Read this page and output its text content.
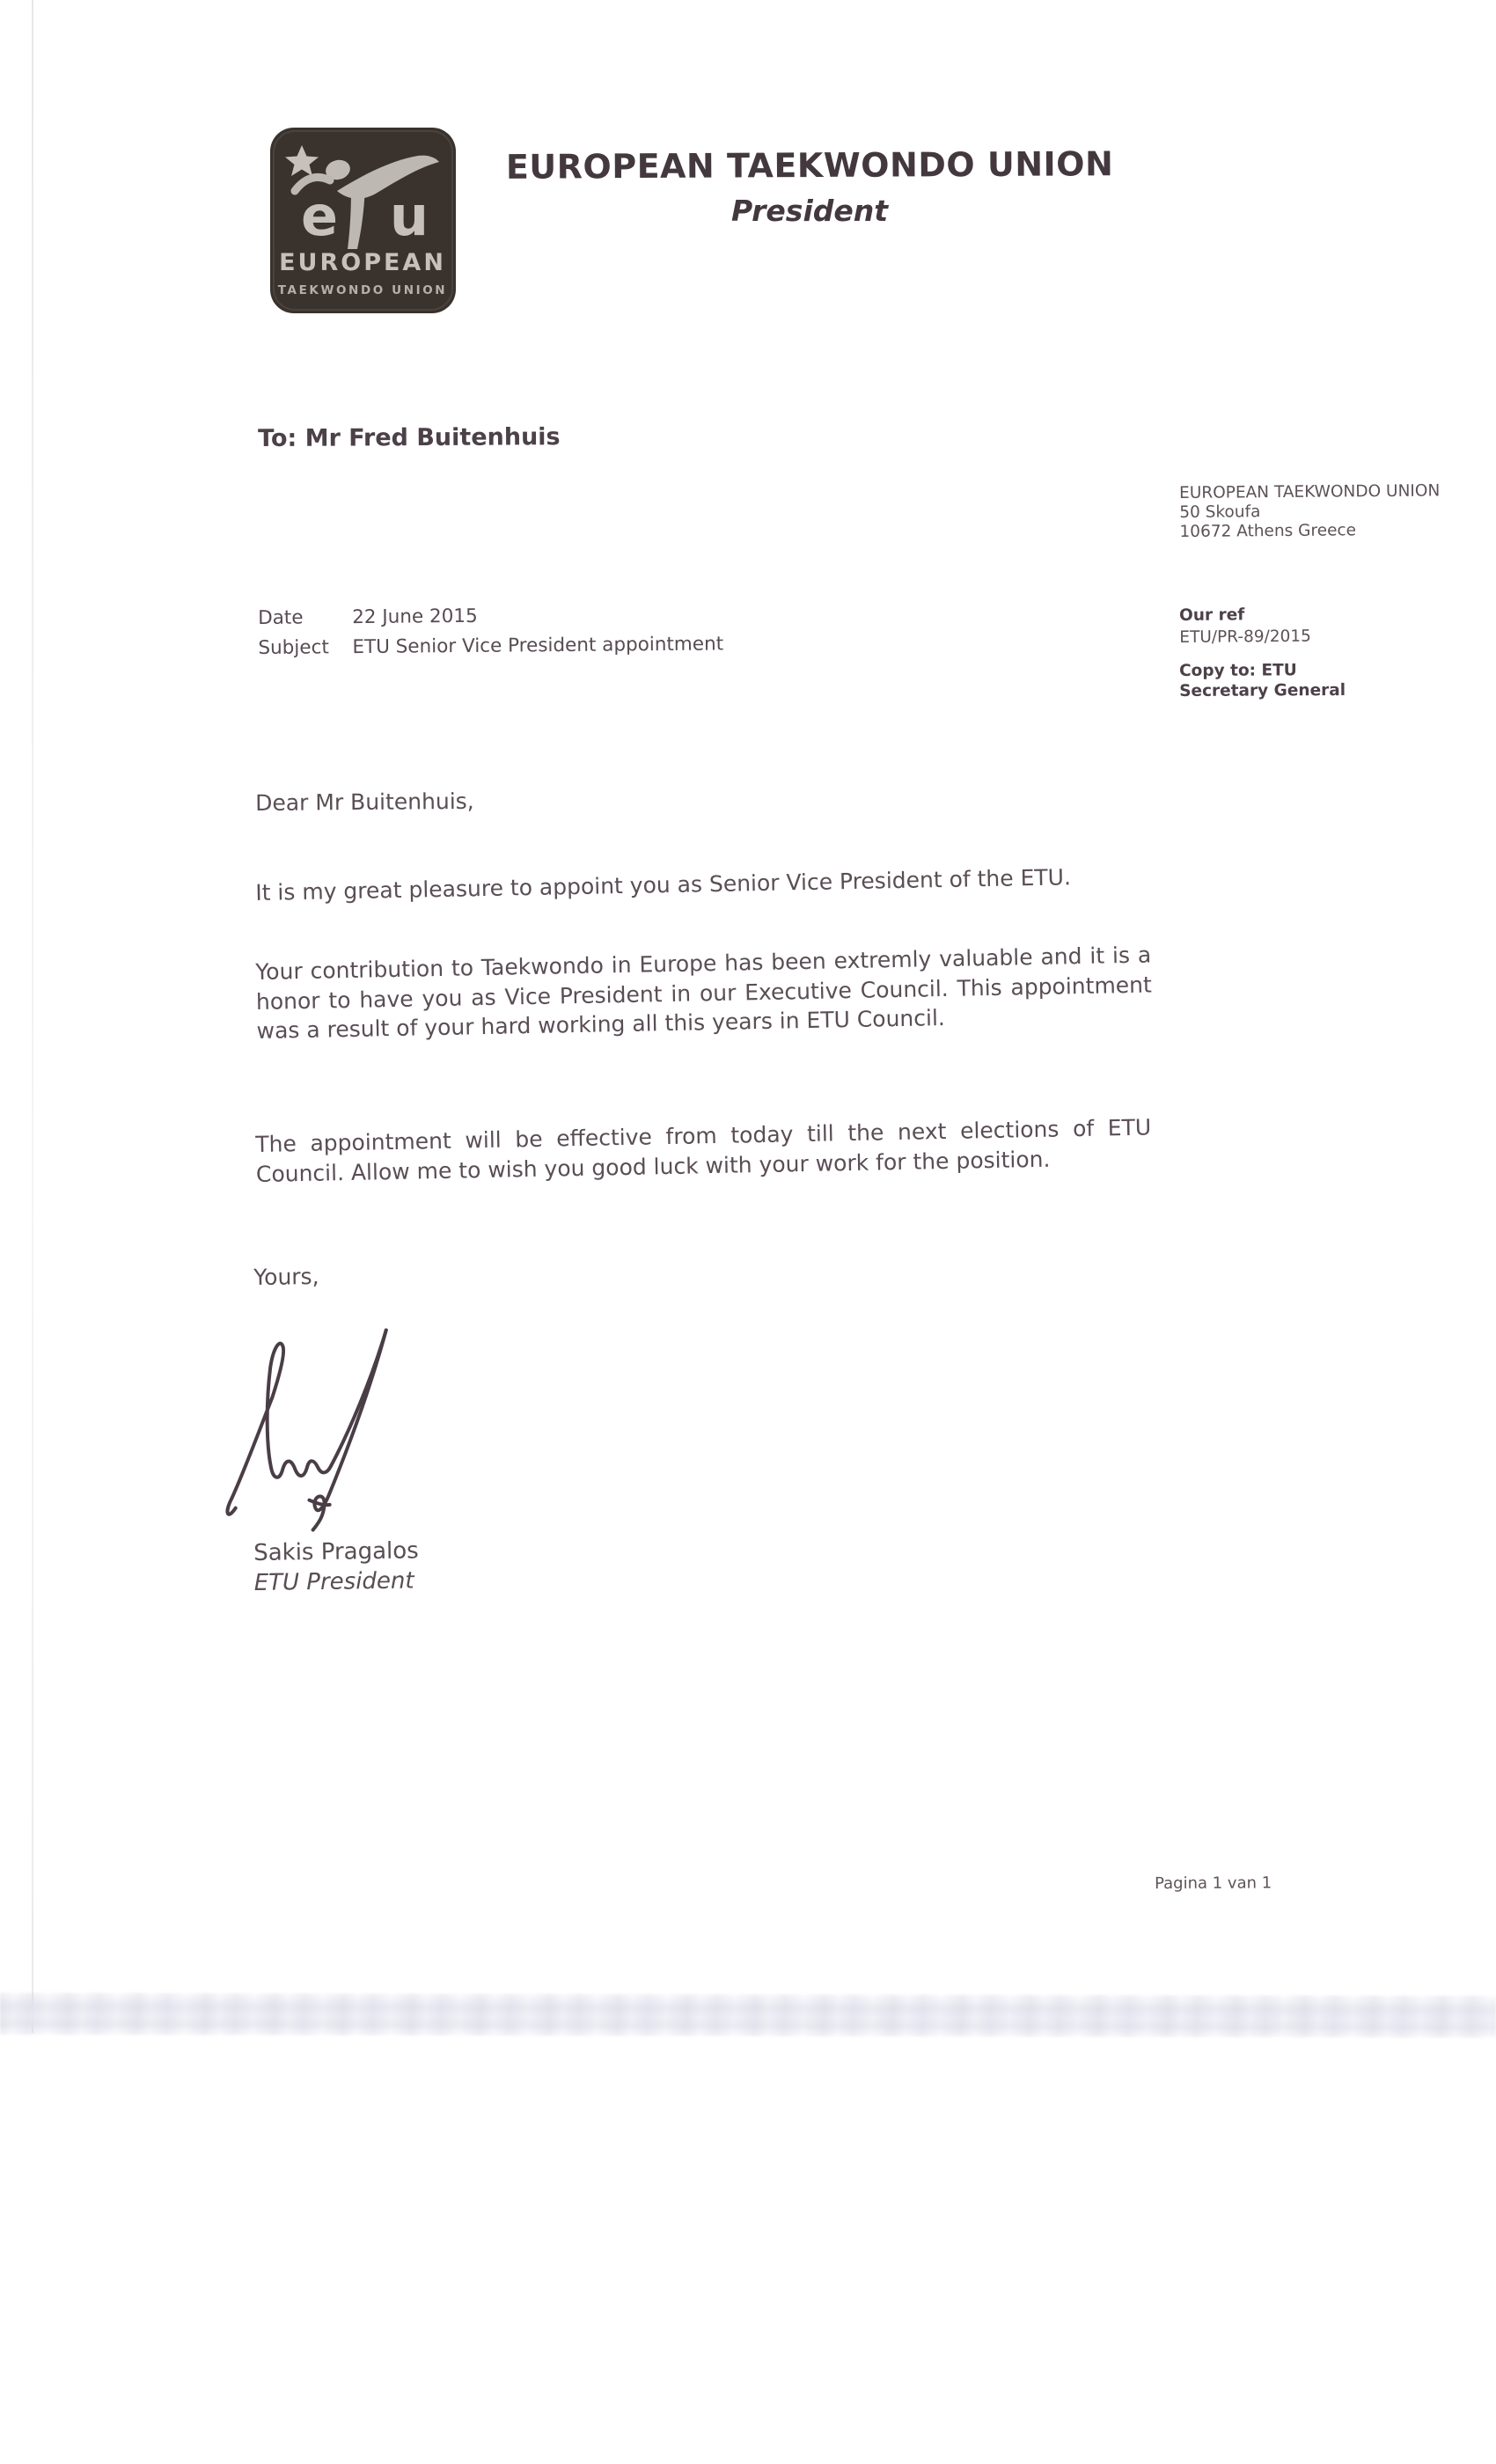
e u
EUROPEAN
TAEKWONDO UNION
EUROPEAN TAEKWONDO UNION
President
To: Mr Fred Buitenhuis
EUROPEAN TAEKWONDO UNION
50 Skoufa
10672 Athens Greece
Date	22 June 2015
Subject	ETU Senior Vice President appointment
Our ref
ETU/PR-89/2015
Copy to: ETU Secretary General
Dear Mr Buitenhuis,
It is my great pleasure to appoint you as Senior Vice President of the ETU.
Your contribution to Taekwondo in Europe has been extremly valuable and it is a honor to have you as Vice President in our Executive Council. This appointment was a result of your hard working all this years in ETU Council.
The appointment will be effective from today till the next elections of ETU Council. Allow me to wish you good luck with your work for the position.
Yours,
Sakis Pragalos
ETU President
Pagina 1 van 1
